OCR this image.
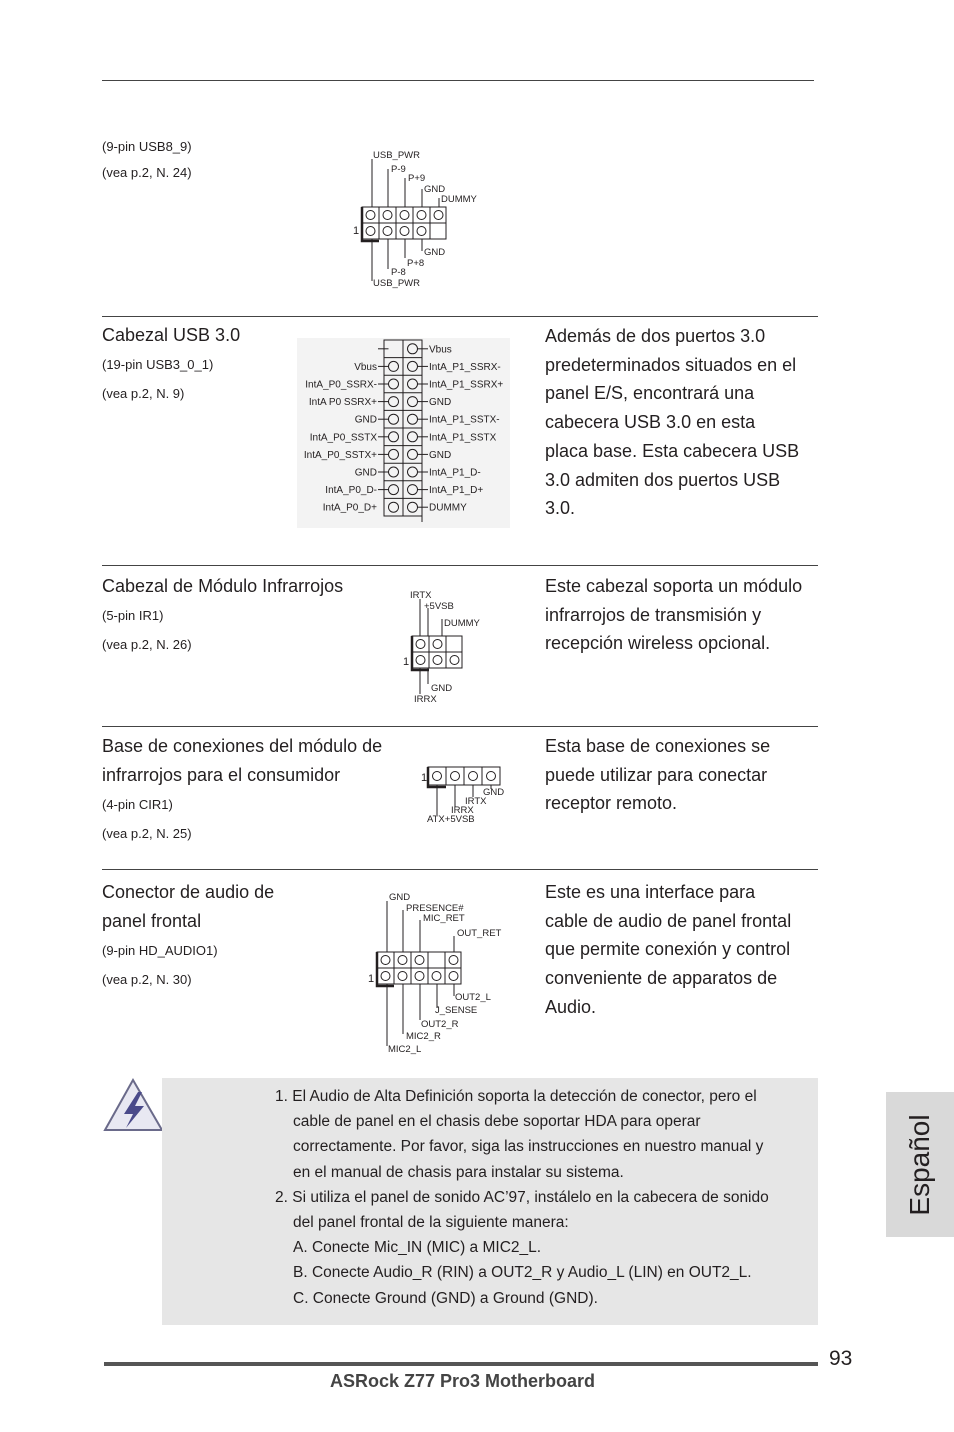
(9-pin USB8_9)
(vea p.2, N. 24)
USB_PWR
P-9
P+9
GND
DUMMY
GND
P+8
P-8
USB_PWR
1
Cabezal USB 3.0
(19-pin USB3_0_1)
(vea p.2, N. 9)
Vbus
IntA_P1_SSRX-
IntA_P1_SSRX+
GND
IntA_P1_SSTX-
IntA_P1_SSTX
GND
IntA_P1_D-
IntA_P1_D+
DUMMY
Vbus
IntA_P0_SSRX-
IntA P0 SSRX+
GND
IntA_P0_SSTX
IntA_P0_SSTX+
GND
IntA_P0_D-
IntA_P0_D+
Además de dos puertos 3.0
predeterminados situados en el
panel E/S, encontrará una
cabecera USB 3.0 en esta
placa base. Esta cabecera USB
3.0 admiten dos puertos USB
3.0.
Cabezal de Módulo Infrarrojos
(5-pin IR1)
(vea p.2, N. 26)
IRTX
+5VSB
DUMMY
GND
IRRX
1
Este cabezal soporta un módulo
infrarrojos de transmisión y
recepción wireless opcional.
Base de conexiones del módulo de
infrarrojos para el consumidor
(4-pin CIR1)
(vea p.2, N. 25)
GND
IRTX
IRRX
ATX+5VSB
1
Esta base de conexiones se
puede utilizar para conectar
receptor remoto.
Conector de audio de
panel frontal
(9-pin HD_AUDIO1)
(vea p.2, N. 30)
GND
PRESENCE#
MIC_RET
OUT_RET
OUT2_L
J_SENSE
OUT2_R
MIC2_R
MIC2_L
1
Este es una interface para
cable de audio de panel frontal
que permite conexión y control
conveniente de apparatos de
Audio.
1. El Audio de Alta Definición soporta la detección de conector, pero el
cable de panel en el chasis debe soportar HDA para operar
correctamente. Por favor, siga las instrucciones en nuestro manual y
en el manual de chasis para instalar su sistema.
2. Si utiliza el panel de sonido AC’97, instálelo en la cabecera de sonido
del panel frontal de la siguiente manera:
A. Conecte Mic_IN (MIC) a MIC2_L.
B. Conecte Audio_R (RIN) a OUT2_R y Audio_L (LIN) en OUT2_L.
C. Conecte Ground (GND) a Ground (GND).
Español
93
ASRock Z77 Pro3 Motherboard
